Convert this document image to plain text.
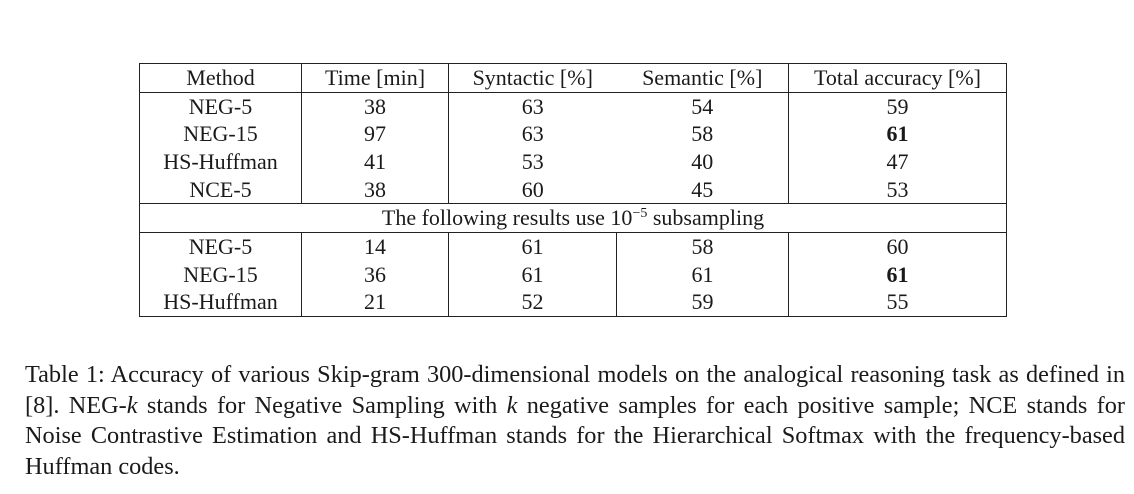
Method	Time [min]	Syntactic [%]	Semantic [%]	Total accuracy [%]
NEG-5	38	63	54	59
NEG-15	97	63	58	61
HS-Huffman	41	53	40	47
NCE-5	38	60	45	53
The following results use $10^{-5}$ subsampling				
NEG-5	14	61	58	60
NEG-15	36	61	61	61
HS-Huffman	21	52	59	55
Table 1: Accuracy of various Skip-gram 300-dimensional models on the analogical reasoning task as defined in [8]. NEG-k stands for Negative Sampling with k negative samples for each positive sample; NCE stands for Noise Contrastive Estimation and HS-Huffman stands for the Hierarchical Softmax with the frequency-based Huffman codes.
